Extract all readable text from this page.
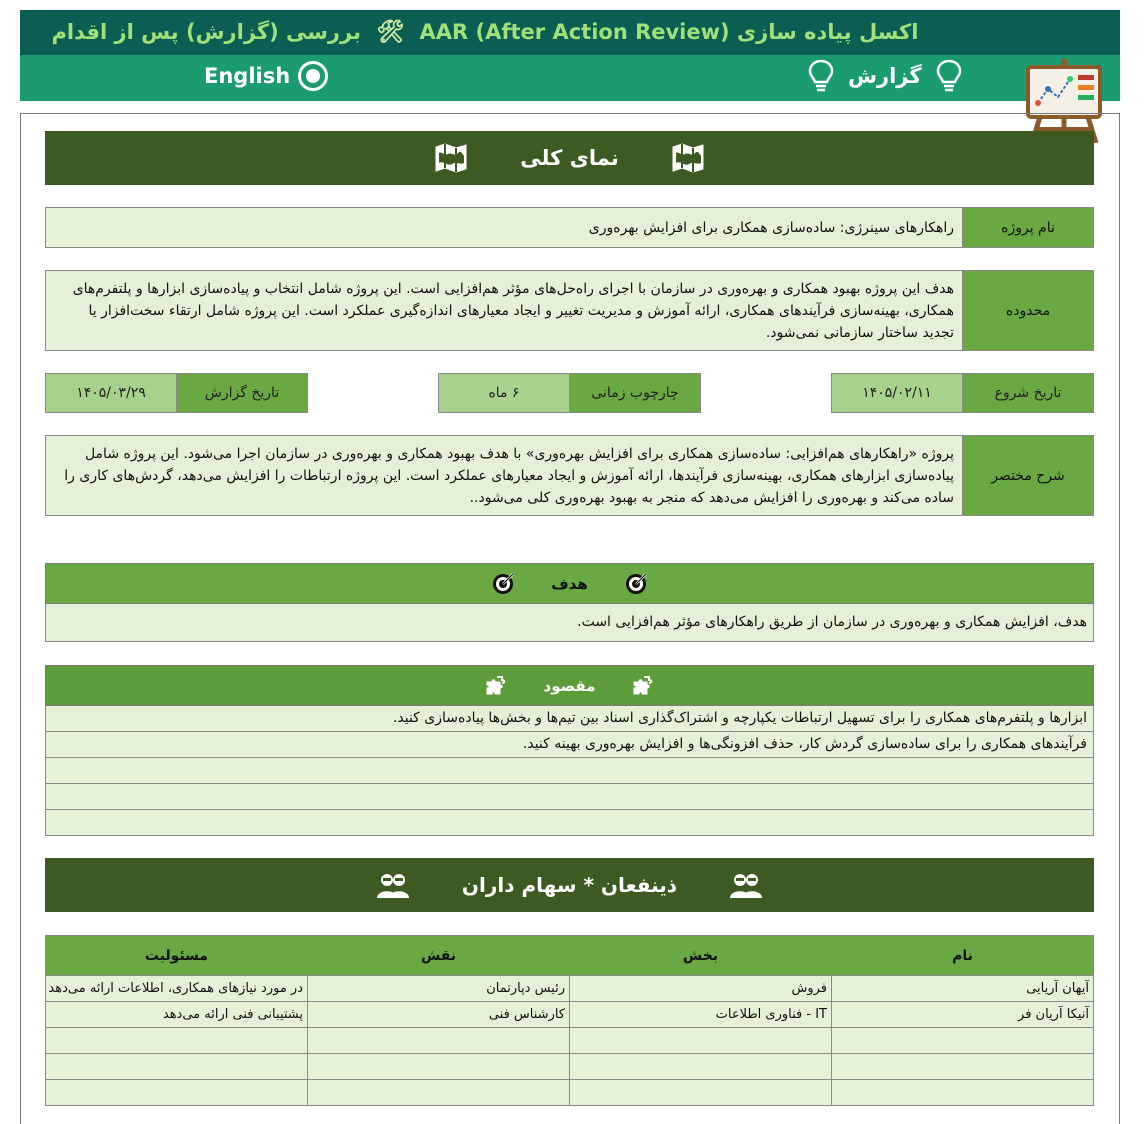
اکسل پیاده سازی AAR (After Action Review) 🛠 بررسی (گزارش) پس از اقدام
English	گزارش
نمای کلی
نام پروژه
راهکارهای سینرژی: ساده‌سازی همکاری برای افزایش بهره‌وری
محدوده
هدف این پروژه بهبود همکاری و بهره‌وری در سازمان با اجرای راه‌حل‌های مؤثر هم‌افزایی است. این پروژه شامل انتخاب و پیاده‌سازی ابزارها و پلتفرم‌های همکاری، بهینه‌سازی فرآیندهای همکاری، ارائه آموزش و مدیریت تغییر و ایجاد معیارهای اندازه‌گیری عملکرد است. این پروژه شامل ارتقاء سخت‌افزار یا تجدید ساختار سازمانی نمی‌شود.
تاریخ شروع
۱۴۰۵/۰۲/۱۱
چارچوب زمانی
۶ ماه
تاریخ گزارش
۱۴۰۵/۰۳/۲۹
شرح مختصر
پروژه «راهکارهای هم‌افزایی: ساده‌سازی همکاری برای افزایش بهره‌وری» با هدف بهبود همکاری و بهره‌وری در سازمان اجرا می‌شود. این پروژه شامل پیاده‌سازی ابزارهای همکاری، بهینه‌سازی فرآیندها، ارائه آموزش و ایجاد معیارهای عملکرد است. این پروژه ارتباطات را افزایش می‌دهد، گردش‌های کاری را ساده می‌کند و بهره‌وری را افزایش می‌دهد که منجر به بهبود بهره‌وری کلی می‌شود..
هدف
هدف، افزایش همکاری و بهره‌وری در سازمان از طریق راهکارهای مؤثر هم‌افزایی است.
مقصود
ابزارها و پلتفرم‌های همکاری را برای تسهیل ارتباطات یکپارچه و اشتراک‌گذاری اسناد بین تیم‌ها و بخش‌ها پیاده‌سازی کنید.
فرآیندهای همکاری را برای ساده‌سازی گردش کار، حذف افزونگی‌ها و افزایش بهره‌وری بهینه کنید.
ذینفعان * سهام داران
نام	بخش	نقش	مسئولیت
آیهان آریایی	فروش	رئیس دپارتمان	در مورد نیازهای همکاری، اطلاعات ارائه می‌دهد
آنیکا آریان فر	IT - فناوری اطلاعات	کارشناس فنی	پشتیبانی فنی ارائه می‌دهد
